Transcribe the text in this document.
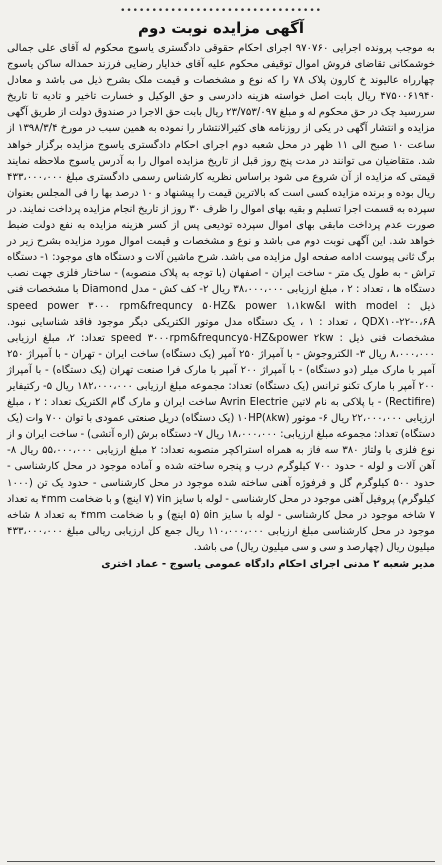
••••••••••••••••••••••••••••••••
آگهی مزایده نوبت دوم

به موجب پرونده اجرایی ۹۷۰۷۶۰ اجرای احکام حقوقی دادگستری یاسوج محکوم له آقای علی جمالی خوشمکانی تقاضای فروش اموال توقیفی محکوم علیه آقای خدایار رضایی فرزند حمداله ساکن یاسوج چهارراه عالیوند خ کارون پلاک ۷۸ را که نوع و مشخصات و قیمت ملک بشرح ذیل می باشد و معادل ۴۷۵۰۰۶۱۹۴۰ ریال بابت اصل خواسته هزینه دادرسی و حق الوکیل و خسارت تاخیر و تادیه تا تاریخ سررسید چک در حق محکوم له و مبلغ ۲۳/۷۵۳/۰۹۷ ریال بابت حق الاجرا در صندوق دولت از طریق آگهی مزایده و انتشار آگهی در یکی از روزنامه های کثیرالانتشار را نموده به همین سبب در مورخ ۱۳۹۸/۳/۴ از ساعت ۱۰ صبح الی ۱۱ ظهر در محل شعبه دوم اجرای احکام دادگستری یاسوج مزایده برگزار خواهد شد. متقاضیان می توانند در مدت پنج روز قبل از تاریخ مزایده اموال را به آدرس یاسوج ملاحظه نمایند قیمتی که مزایده از آن شروع می شود براساس نظریه کارشناس رسمی دادگستری مبلغ ۴۳۳،۰۰۰،۰۰۰ ریال بوده و برنده مزایده کسی است که بالاترین قیمت را پیشنهاد و ۱۰ درصد بها را فی المجلس بعنوان سپرده به قسمت اجرا تسلیم و بقیه بهای اموال را ظرف ۳۰ روز از تاریخ انجام مزایده پرداخت نمایند. در صورت عدم پرداخت مابقی بهای اموال سپرده تودیعی پس از کسر هزینه مزایده به نفع دولت ضبط خواهد شد. این آگهی نوبت دوم می باشد و نوع و مشخصات و قیمت اموال مورد مزایده بشرح زیر در برگ ثانی پیوست ادامه صفحه اول مزایده می باشد. شرح ماشین آلات و دستگاه های موجود: ۱- دستگاه تراش - به طول یک متر - ساخت ایران - اصفهان (با توجه به پلاک منصوبه) - ساختار فلزی جهت نصب دستگاه ها ، تعداد : ۲ ، مبلغ ارزیابی ۳۸،۰۰۰،۰۰۰ ریال ۲- کف کش - مدل Diamond با مشخصات فنی ذیل : speed power ۳۰۰۰ rpm&frequncy ۵۰HZ& power ۱،۱kw&I with model QDX۱۰-۲۲-۰،۶A ، تعداد : ۱ ، یک دستگاه مدل موتور الکتریکی دیگر موجود فاقد شناسایی نبود. مشخصات فنی ذیل : speed ۳۰۰۰rpm&frequncy۵۰HZ&power ۲kw تعداد: ۲، مبلغ ارزیابی ۸،۰۰۰،۰۰۰ ریال ۳- الکتروجوش - با آمپراژ ۲۵۰ آمپر (یک دستگاه) ساخت ایران - تهران - با آمپراژ ۲۵۰ آمپر با مارک میلر (دو دستگاه) - با آمپراژ ۲۰۰ آمپر با مارک فرا صنعت تهران (یک دستگاه) - با آمپراژ ۲۰۰ آمپر با مارک تکنو ترانس (یک دستگاه) تعداد: مجموعه مبلغ ارزیابی ۱۸۲،۰۰۰،۰۰۰ ریال ۵- رکتیفایر (Rectifire) - با پلاکی به نام لاتین Avrin Electrie ساخت ایران و مارک گام الکتریک تعداد : ۲ ، مبلغ ارزیابی ۲۲،۰۰۰،۰۰۰ ریال ۶- موتور ۱۰HP(۸kw) (یک دستگاه) دریل صنعتی عمودی با توان ۷۰۰ وات (یک دستگاه) تعداد: مجموعه مبلغ ارزیابی: ۱۸،۰۰۰،۰۰۰ ریال ۷- دستگاه برش (اره آتشی) - ساخت ایران و از نوع فلزی با ولتاژ ۳۸۰ سه فاز به همراه استراکچر منصوبه تعداد: ۲ مبلغ ارزیابی ۵۵،۰۰۰،۰۰۰ ریال ۸- آهن آلات و لوله - حدود ۷۰۰ کیلوگرم درب و پنجره ساخته شده و آماده موجود در محل کارشناسی - حدود ۵۰۰ کیلوگرم گل و فرفوژه آهنی ساخته شده موجود در محل کارشناسی - حدود یک تن (۱۰۰۰ کیلوگرم) پروفیل آهنی موجود در محل کارشناسی - لوله با سایز ۷in (۷ اینچ) و با ضخامت ۴mm به تعداد ۷ شاخه موجود در محل کارشناسی - لوله با سایز ۵in (۵ اینچ) و با ضخامت ۴mm به تعداد ۸ شاخه موجود در محل کارشناسی مبلغ ارزیابی ۱۱۰،۰۰۰،۰۰۰ ریال جمع کل ارزیابی ریالی مبلغ ۴۳۳،۰۰۰،۰۰۰ میلیون ریال (چهارصد و سی و سی میلیون ریال) می باشد.

مدیر شعبه ۲ مدنی اجرای احکام دادگاه عمومی یاسوج - عماد اختری
